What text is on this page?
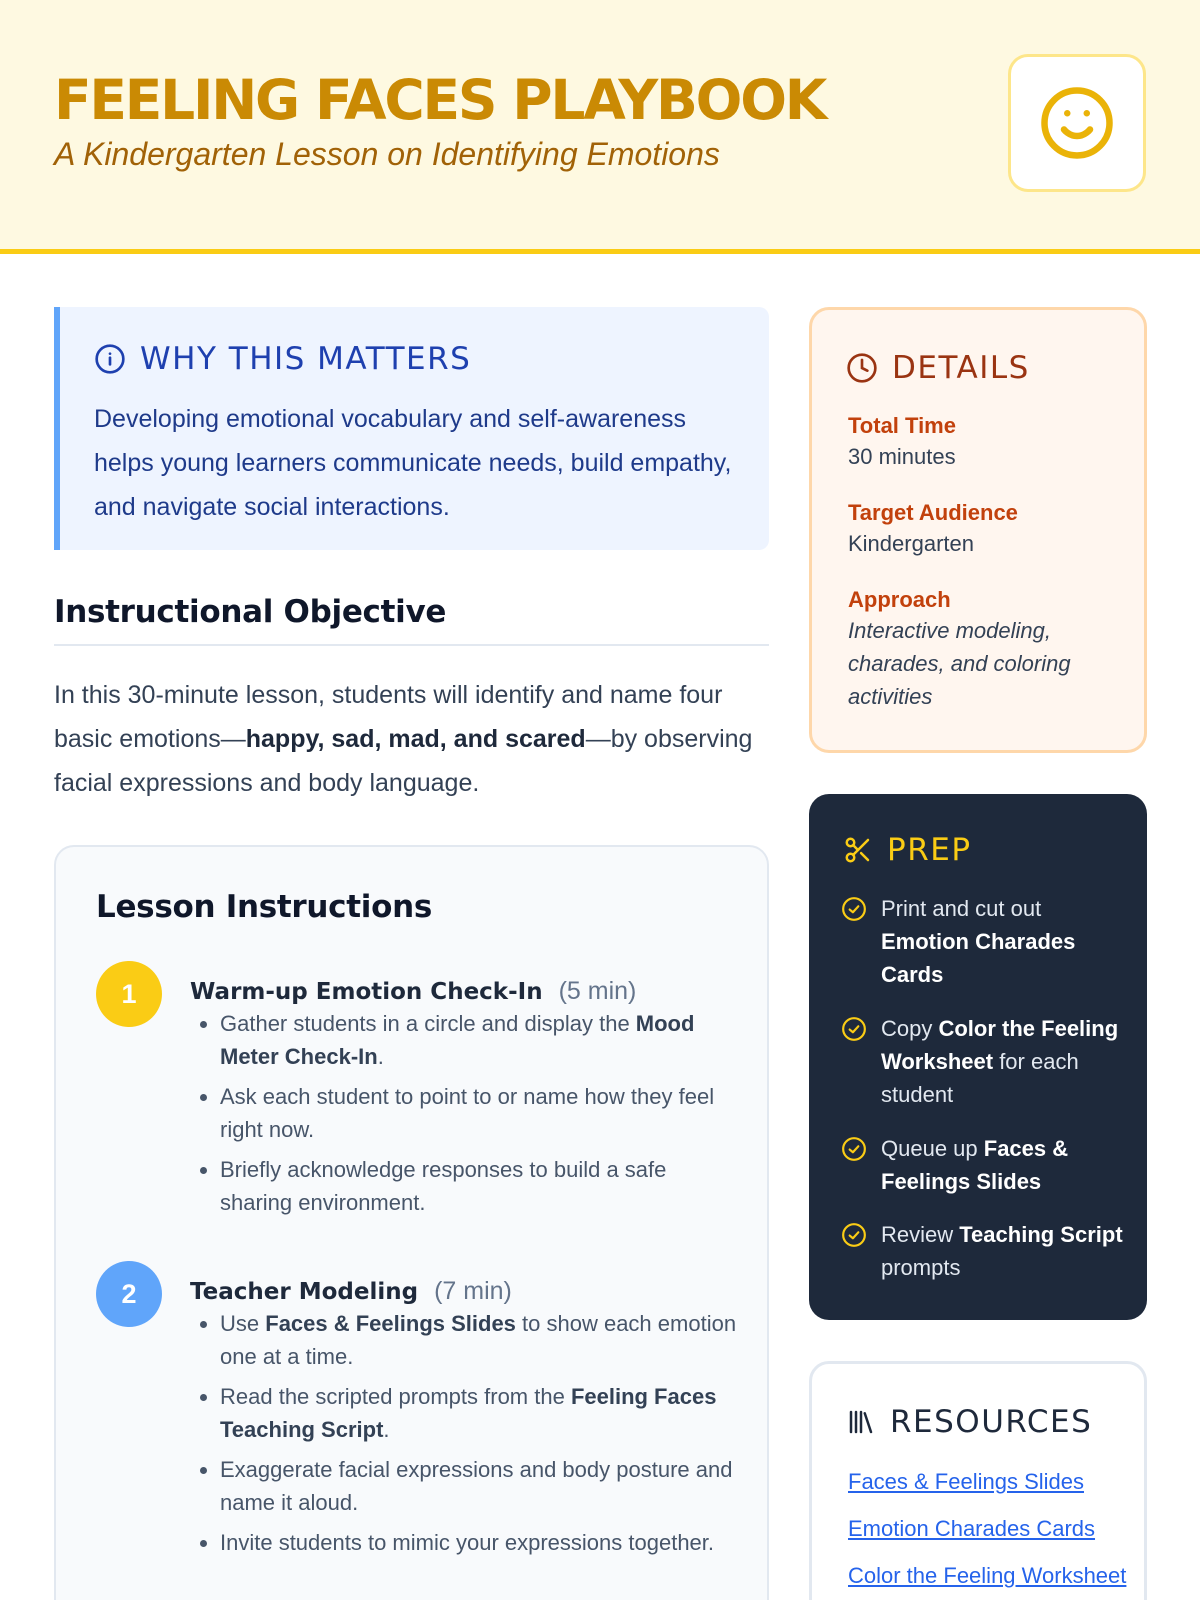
FEELING FACES PLAYBOOK
A Kindergarten Lesson on Identifying Emotions
WHY THIS MATTERS
Developing emotional vocabulary and self-awareness helps young learners communicate needs, build empathy, and navigate social interactions.
Instructional Objective
In this 30-minute lesson, students will identify and name four basic emotions—happy, sad, mad, and scared—by observing facial expressions and body language.
Lesson Instructions
1	Warm-up Emotion Check-In (5 min)
• Gather students in a circle and display the Mood Meter Check-In.
• Ask each student to point to or name how they feel right now.
• Briefly acknowledge responses to build a safe sharing environment.
2	Teacher Modeling (7 min)
• Use Faces & Feelings Slides to show each emotion one at a time.
• Read the scripted prompts from the Feeling Faces Teaching Script.
• Exaggerate facial expressions and body posture and name it aloud.
• Invite students to mimic your expressions together.
DETAILS
Total Time
30 minutes
Target Audience
Kindergarten
Approach
Interactive modeling, charades, and coloring activities
PREP
Print and cut out Emotion Charades Cards
Copy Color the Feeling Worksheet for each student
Queue up Faces & Feelings Slides
Review Teaching Script prompts
RESOURCES
Faces & Feelings Slides
Emotion Charades Cards
Color the Feeling Worksheet
